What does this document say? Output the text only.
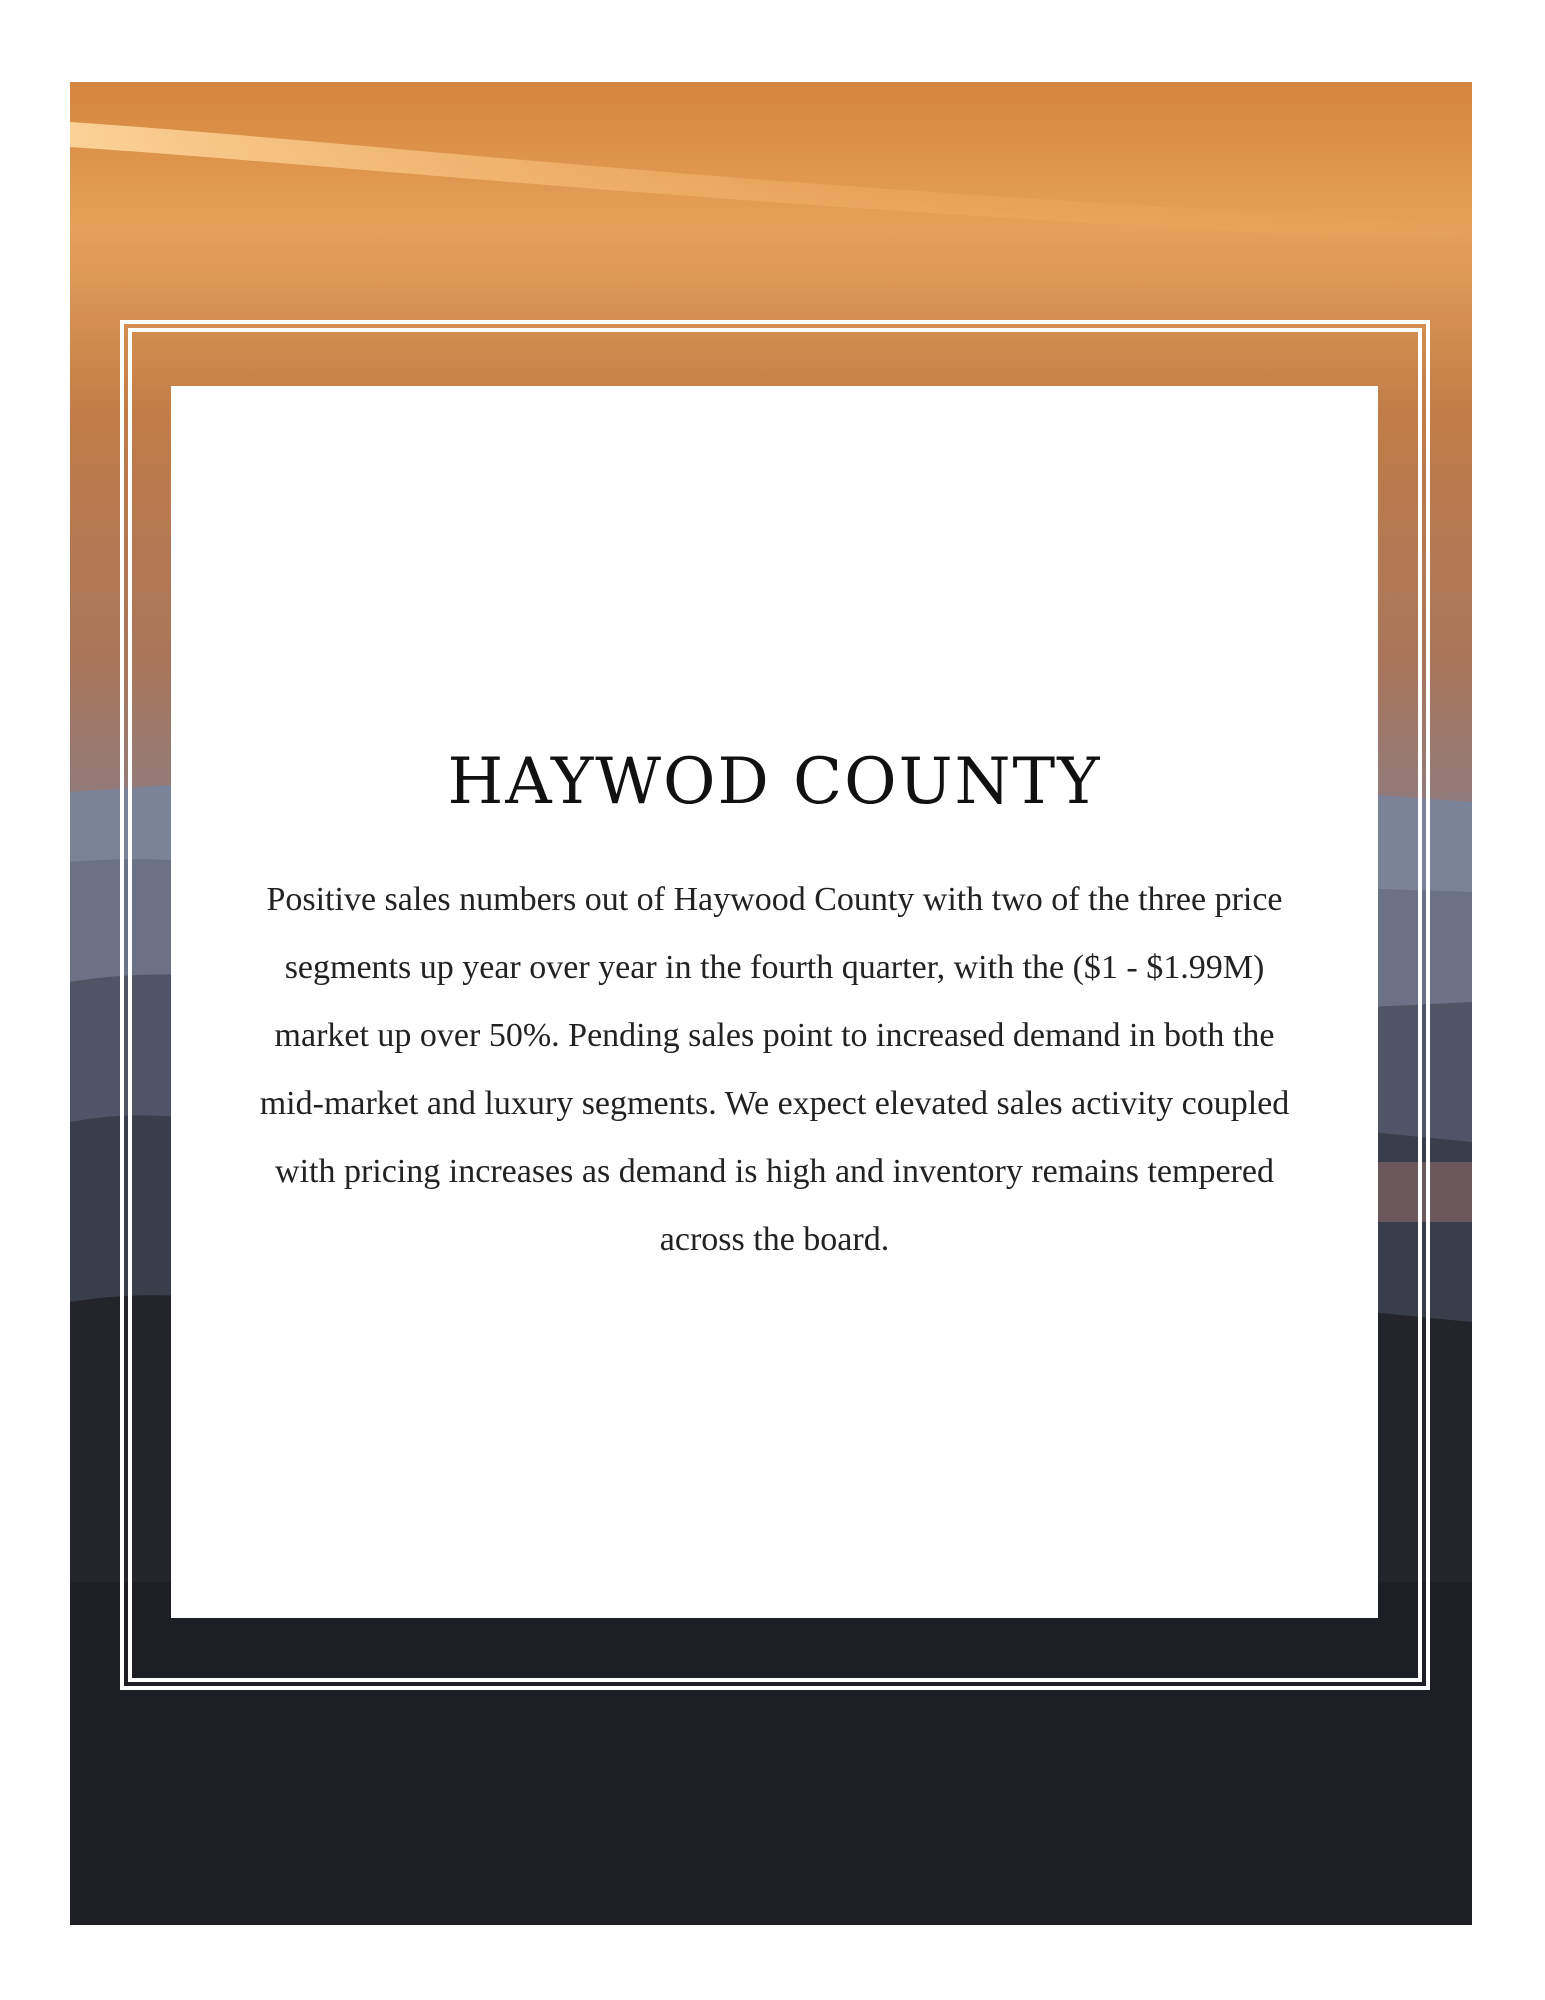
HAYWOD COUNTY

Positive sales numbers out of Haywood County with two of the three price segments up year over year in the fourth quarter, with the ($1 - $1.99M) market up over 50%. Pending sales point to increased demand in both the mid-market and luxury segments. We expect elevated sales activity coupled with pricing increases as demand is high and inventory remains tempered across the board.
